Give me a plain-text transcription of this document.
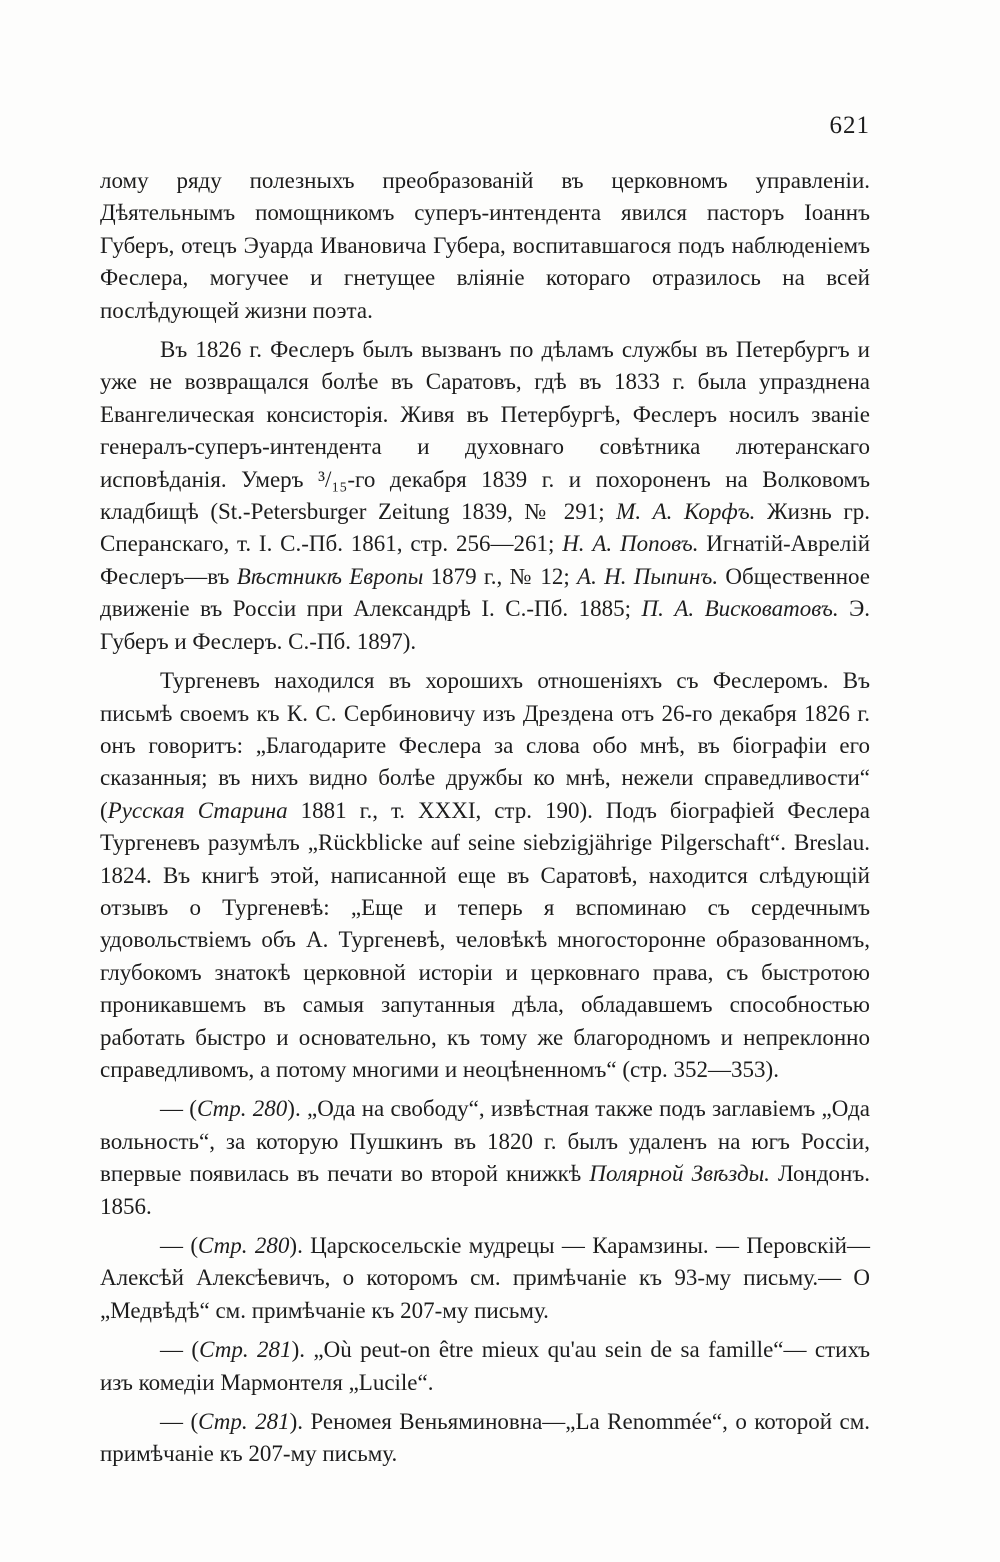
621

лому ряду полезныхъ преобразованій въ церковномъ управленіи. Дѣятельнымъ помощникомъ суперъ-интендента явился пасторъ Іоаннъ Губеръ, отецъ Эуарда Ивановича Губера, воспитавшагося подъ наблюденіемъ Феслера, могучее и гнетущее вліяніе котораго отразилось на всей послѣдующей жизни поэта.

Въ 1826 г. Феслеръ былъ вызванъ по дѣламъ службы въ Петербургъ и уже не возвращался болѣе въ Саратовъ, гдѣ въ 1833 г. была упразднена Евангелическая консисторія. Живя въ Петербургѣ, Феслеръ носилъ званіе генералъ-суперъ-интендента и духовнаго совѣтника лютеранскаго исповѣданія. Умеръ ³/₁₅-го декабря 1839 г. и похороненъ на Волковомъ кладбищѣ (St.-Petersburger Zeitung 1839, № 291; М. А. Корфъ. Жизнь гр. Сперанскаго, т. I. С.-Пб. 1861, стр. 256—261; Н. А. Поповъ. Игнатій-Аврелій Феслеръ—въ Вѣстникѣ Европы 1879 г., № 12; А. Н. Пыпинъ. Общественное движеніе въ Россіи при Александрѣ I. С.-Пб. 1885; П. А. Висковатовъ. Э. Губеръ и Феслеръ. С.-Пб. 1897).

Тургеневъ находился въ хорошихъ отношеніяхъ съ Феслеромъ. Въ письмѣ своемъ къ К. С. Сербиновичу изъ Дрездена отъ 26-го декабря 1826 г. онъ говоритъ: „Благодарите Феслера за слова обо мнѣ, въ біографіи его сказанныя; въ нихъ видно болѣе дружбы ко мнѣ, нежели справедливости“ (Русская Старина 1881 г., т. XXXI, стр. 190). Подъ біографіей Феслера Тургеневъ разумѣлъ „Rückblicke auf seine siebzigjährige Pilgerschaft“. Breslau. 1824. Въ книгѣ этой, написанной еще въ Саратовѣ, находится слѣдующій отзывъ о Тургеневѣ: „Еще и теперь я вспоминаю съ сердечнымъ удовольствіемъ объ А. Тургеневѣ, человѣкѣ многосторонне образованномъ, глубокомъ знатокѣ церковной исторіи и церковнаго права, съ быстротою проникавшемъ въ самыя запутанныя дѣла, обладавшемъ способностью работать быстро и основательно, къ тому же благородномъ и непреклонно справедливомъ, а потому многими и неоцѣненномъ“ (стр. 352—353).

— (Стр. 280). „Ода на свободу“, извѣстная также подъ заглавіемъ „Ода вольность“, за которую Пушкинъ въ 1820 г. былъ удаленъ на югъ Россіи, впервые появилась въ печати во второй книжкѣ Полярной Звѣзды. Лондонъ. 1856.

— (Стр. 280). Царскосельскіе мудрецы — Карамзины. — Перовскій—Алексѣй Алексѣевичъ, о которомъ см. примѣчаніе къ 93-му письму.— О „Медвѣдѣ“ см. примѣчаніе къ 207-му письму.

— (Стр. 281). „Où peut-on être mieux qu'au sein de sa famille“— стихъ изъ комедіи Мармонтеля „Lucile“.

— (Стр. 281). Реномея Веньяминовна—„La Renommée“, о которой см. примѣчаніе къ 207-му письму.
